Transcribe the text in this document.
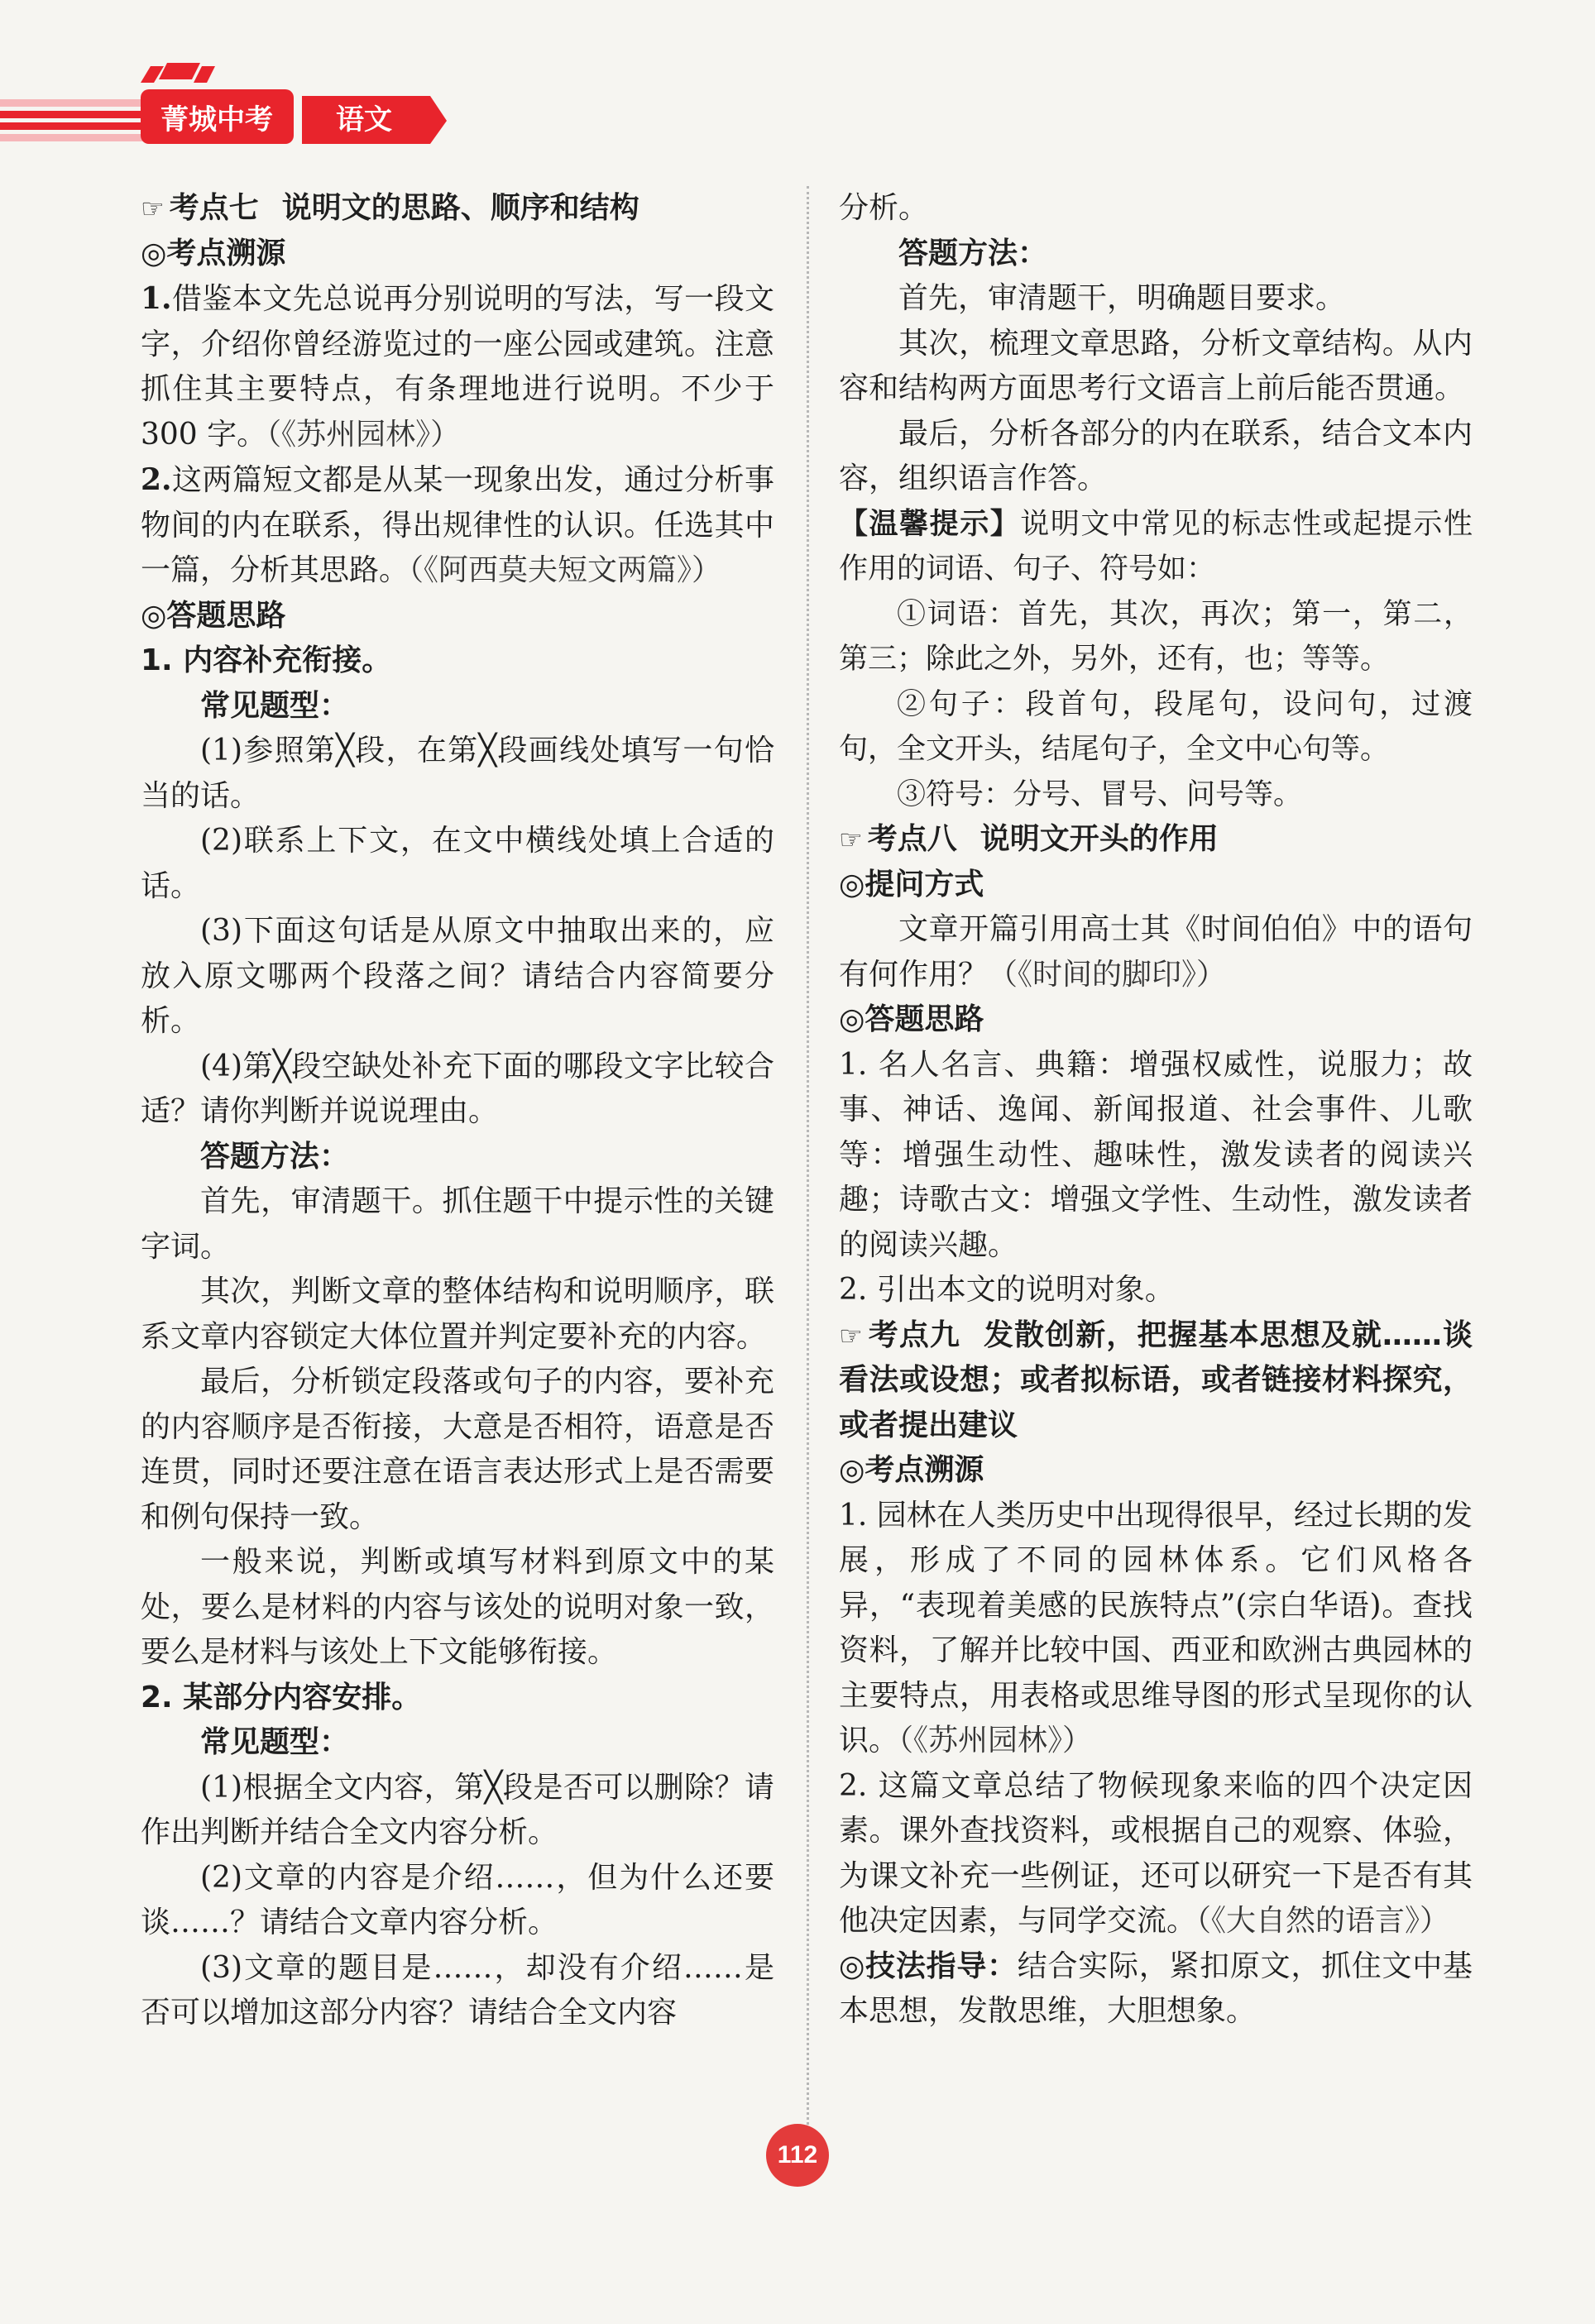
菁城中考 语文

☞ 考点七 说明文的思路、顺序和结构

◎考点溯源

1.借鉴本文先总说再分别说明的写法，写一段文字，介绍你曾经游览过的一座公园或建筑。注意抓住其主要特点，有条理地进行说明。不少于 300 字。（《苏州园林》）

2.这两篇短文都是从某一现象出发，通过分析事物间的内在联系，得出规律性的认识。任选其中一篇，分析其思路。（《阿西莫夫短文两篇》）

◎答题思路

1. 内容补充衔接。

常见题型：

(1)参照第╳段，在第╳段画线处填写一句恰当的话。

(2)联系上下文，在文中横线处填上合适的话。

(3)下面这句话是从原文中抽取出来的，应放入原文哪两个段落之间？请结合内容简要分析。

(4)第╳段空缺处补充下面的哪段文字比较合适？请你判断并说说理由。

答题方法：

首先，审清题干。抓住题干中提示性的关键字词。

其次，判断文章的整体结构和说明顺序，联系文章内容锁定大体位置并判定要补充的内容。

最后，分析锁定段落或句子的内容，要补充的内容顺序是否衔接，大意是否相符，语意是否连贯，同时还要注意在语言表达形式上是否需要和例句保持一致。

一般来说，判断或填写材料到原文中的某处，要么是材料的内容与该处的说明对象一致，要么是材料与该处上下文能够衔接。

2. 某部分内容安排。

常见题型：

(1)根据全文内容，第╳段是否可以删除？请作出判断并结合全文内容分析。

(2)文章的内容是介绍……，但为什么还要谈……？请结合文章内容分析。

(3)文章的题目是……，却没有介绍……是否可以增加这部分内容？请结合全文内容

分析。

答题方法：

首先，审清题干，明确题目要求。

其次，梳理文章思路，分析文章结构。从内容和结构两方面思考行文语言上前后能否贯通。

最后，分析各部分的内在联系，结合文本内容，组织语言作答。

【温馨提示】说明文中常见的标志性或起提示性作用的词语、句子、符号如：

①词语：首先，其次，再次；第一，第二，第三；除此之外，另外，还有，也；等等。

②句子：段首句，段尾句，设问句，过渡句，全文开头，结尾句子，全文中心句等。

③符号：分号、冒号、问号等。

☞ 考点八 说明文开头的作用

◎提问方式

文章开篇引用高士其《时间伯伯》中的语句有何作用？（《时间的脚印》）

◎答题思路

1. 名人名言、典籍：增强权威性，说服力；故事、神话、逸闻、新闻报道、社会事件、儿歌等：增强生动性、趣味性，激发读者的阅读兴趣；诗歌古文：增强文学性、生动性，激发读者的阅读兴趣。

2. 引出本文的说明对象。

☞ 考点九 发散创新，把握基本思想及就……谈看法或设想；或者拟标语，或者链接材料探究，或者提出建议

◎考点溯源

1. 园林在人类历史中出现得很早，经过长期的发展，形成了不同的园林体系。它们风格各异，“表现着美感的民族特点”(宗白华语)。查找资料，了解并比较中国、西亚和欧洲古典园林的主要特点，用表格或思维导图的形式呈现你的认识。（《苏州园林》）

2. 这篇文章总结了物候现象来临的四个决定因素。课外查找资料，或根据自己的观察、体验，为课文补充一些例证，还可以研究一下是否有其他决定因素，与同学交流。（《大自然的语言》）

◎技法指导：结合实际，紧扣原文，抓住文中基本思想，发散思维，大胆想象。

112
